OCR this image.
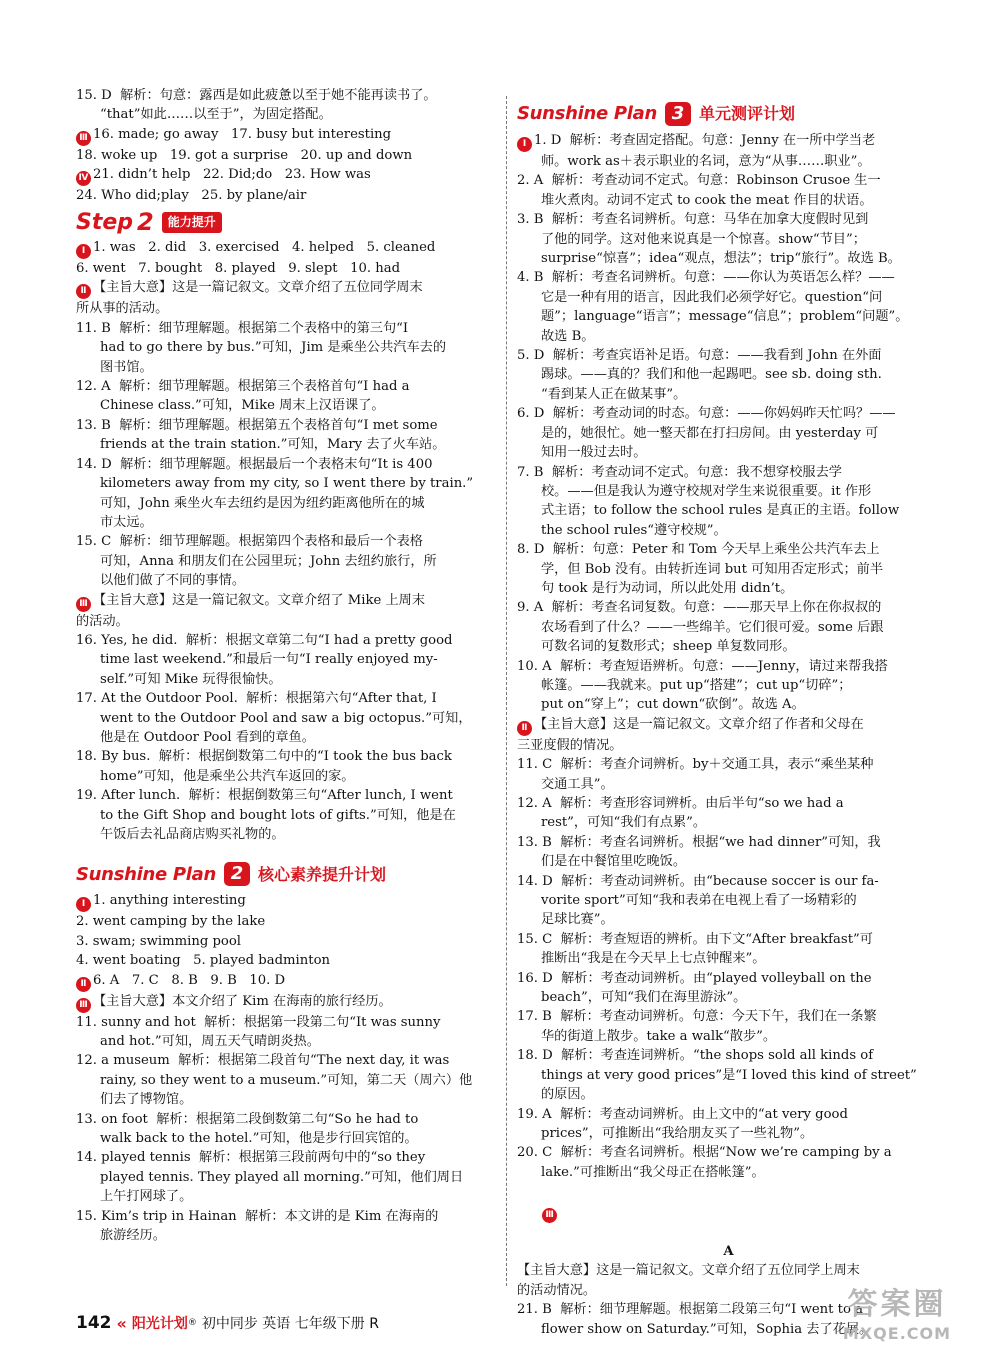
15. D  解析：句意：露西是如此疲惫以至于她不能再读书了。
“that”如此……以至于”，为固定搭配。
Ⅲ 16. made; go away   17. busy but interesting
18. woke up   19. got a surprise   20. up and down
Ⅳ 21. didn’t help   22. Did;do   23. How was
24. Who did;play   25. by plane/air
Step 2	能力提升
Ⅰ 1. was   2. did   3. exercised   4. helped   5. cleaned
6. went   7. bought   8. played   9. slept   10. had
Ⅱ 【主旨大意】这是一篇记叙文。文章介绍了五位同学周末
所从事的活动。
11. B  解析：细节理解题。根据第二个表格中的第三句“I
had to go there by bus.”可知，Jim 是乘坐公共汽车去的
图书馆。
12. A  解析：细节理解题。根据第三个表格首句“I had a
Chinese class.”可知，Mike 周末上汉语课了。
13. B  解析：细节理解题。根据第五个表格首句“I met some
friends at the train station.”可知，Mary 去了火车站。
14. D  解析：细节理解题。根据最后一个表格末句“It is 400
kilometers away from my city, so I went there by train.”
可知，John 乘坐火车去纽约是因为纽约距离他所在的城
市太远。
15. C  解析：细节理解题。根据第四个表格和最后一个表格
可知，Anna 和朋友们在公园里玩；John 去纽约旅行，所
以他们做了不同的事情。
Ⅲ 【主旨大意】这是一篇记叙文。文章介绍了 Mike 上周末
的活动。
16. Yes, he did.  解析：根据文章第二句“I had a pretty good
time last weekend.”和最后一句“I really enjoyed my-
self.”可知 Mike 玩得很愉快。
17. At the Outdoor Pool.  解析：根据第六句“After that, I
went to the Outdoor Pool and saw a big octopus.”可知，
他是在 Outdoor Pool 看到的章鱼。
18. By bus.  解析：根据倒数第二句中的“I took the bus back
home”可知，他是乘坐公共汽车返回的家。
19. After lunch.  解析：根据倒数第三句“After lunch, I went
to the Gift Shop and bought lots of gifts.”可知，他是在
午饭后去礼品商店购买礼物的。
Sunshine Plan 2 核心素养提升计划
Ⅰ 1. anything interesting
2. went camping by the lake
3. swam; swimming pool
4. went boating   5. played badminton
Ⅱ 6. A   7. C   8. B   9. B   10. D
Ⅲ 【主旨大意】本文介绍了 Kim 在海南的旅行经历。
11. sunny and hot  解析：根据第一段第二句“It was sunny
and hot.”可知，周五天气晴朗炎热。
12. a museum  解析：根据第二段首句“The next day, it was
rainy, so they went to a museum.”可知，第二天（周六）他
们去了博物馆。
13. on foot  解析：根据第二段倒数第二句“So he had to
walk back to the hotel.”可知，他是步行回宾馆的。
14. played tennis  解析：根据第三段前两句中的“so they
played tennis. They played all morning.”可知，他们周日
上午打网球了。
15. Kim’s trip in Hainan  解析：本文讲的是 Kim 在海南的
旅游经历。
Sunshine Plan 3 单元测评计划
Ⅰ 1. D  解析：考查固定搭配。句意：Jenny 在一所中学当老
师。work as＋表示职业的名词，意为“从事……职业”。
2. A  解析：考查动词不定式。句意：Robinson Crusoe 生一
堆火煮肉。动词不定式 to cook the meat 作目的状语。
3. B  解析：考查名词辨析。句意：马华在加拿大度假时见到
了他的同学。这对他来说真是一个惊喜。show“节目”；
surprise“惊喜”；idea“观点，想法”；trip“旅行”。故选 B。
4. B  解析：考查名词辨析。句意：——你认为英语怎么样？——
它是一种有用的语言，因此我们必须学好它。question“问
题”；language“语言”；message“信息”；problem“问题”。
故选 B。
5. D  解析：考查宾语补足语。句意：——我看到 John 在外面
踢球。——真的？我们和他一起踢吧。see sb. doing sth.
“看到某人正在做某事”。
6. D  解析：考查动词的时态。句意：——你妈妈昨天忙吗？——
是的，她很忙。她一整天都在打扫房间。由 yesterday 可
知用一般过去时。
7. B  解析：考查动词不定式。句意：我不想穿校服去学
校。——但是我认为遵守校规对学生来说很重要。it 作形
式主语；to follow the school rules 是真正的主语。follow
the school rules“遵守校规”。
8. D  解析：句意：Peter 和 Tom 今天早上乘坐公共汽车去上
学，但 Bob 没有。由转折连词 but 可知用否定形式；前半
句 took 是行为动词，所以此处用 didn’t。
9. A  解析：考查名词复数。句意：——那天早上你在你叔叔的
农场看到了什么？——一些绵羊。它们很可爱。some 后跟
可数名词的复数形式；sheep 单复数同形。
10. A  解析：考查短语辨析。句意：——Jenny，请过来帮我搭
帐篷。——我就来。put up“搭建”；cut up“切碎”；
put on“穿上”；cut down“砍倒”。故选 A。
Ⅱ 【主旨大意】这是一篇记叙文。文章介绍了作者和父母在
三亚度假的情况。
11. C  解析：考查介词辨析。by＋交通工具，表示“乘坐某种
交通工具”。
12. A  解析：考查形容词辨析。由后半句“so we had a
rest”，可知“我们有点累”。
13. B  解析：考查名词辨析。根据“we had dinner”可知，我
们是在中餐馆里吃晚饭。
14. D  解析：考查动词辨析。由“because soccer is our fa-
vorite sport”可知“我和表弟在电视上看了一场精彩的
足球比赛”。
15. C  解析：考查短语的辨析。由下文“After breakfast”可
推断出“我是在今天早上七点钟醒来”。
16. D  解析：考查动词辨析。由“played volleyball on the
beach”，可知“我们在海里游泳”。
17. B  解析：考查动词辨析。句意：今天下午，我们在一条繁
华的街道上散步。take a walk“散步”。
18. D  解析：考查连词辨析。“the shops sold all kinds of
things at very good prices”是“I loved this kind of street”
的原因。
19. A  解析：考查动词辨析。由上文中的“at very good
prices”，可推断出“我给朋友买了一些礼物”。
20. C  解析：考查名词辨析。根据“Now we’re camping by a
lake.”可推断出“我父母正在搭帐篷”。

Ⅲ

A
【主旨大意】这是一篇记叙文。文章介绍了五位同学上周末
的活动情况。
21. B  解析：细节理解题。根据第二段第三句“I went to a
flower show on Saturday.”可知，Sophia 去了花展。
142 « 阳光计划 ® 初中同步 英语 七年级下册 R
答案圈
MXQE.COM
